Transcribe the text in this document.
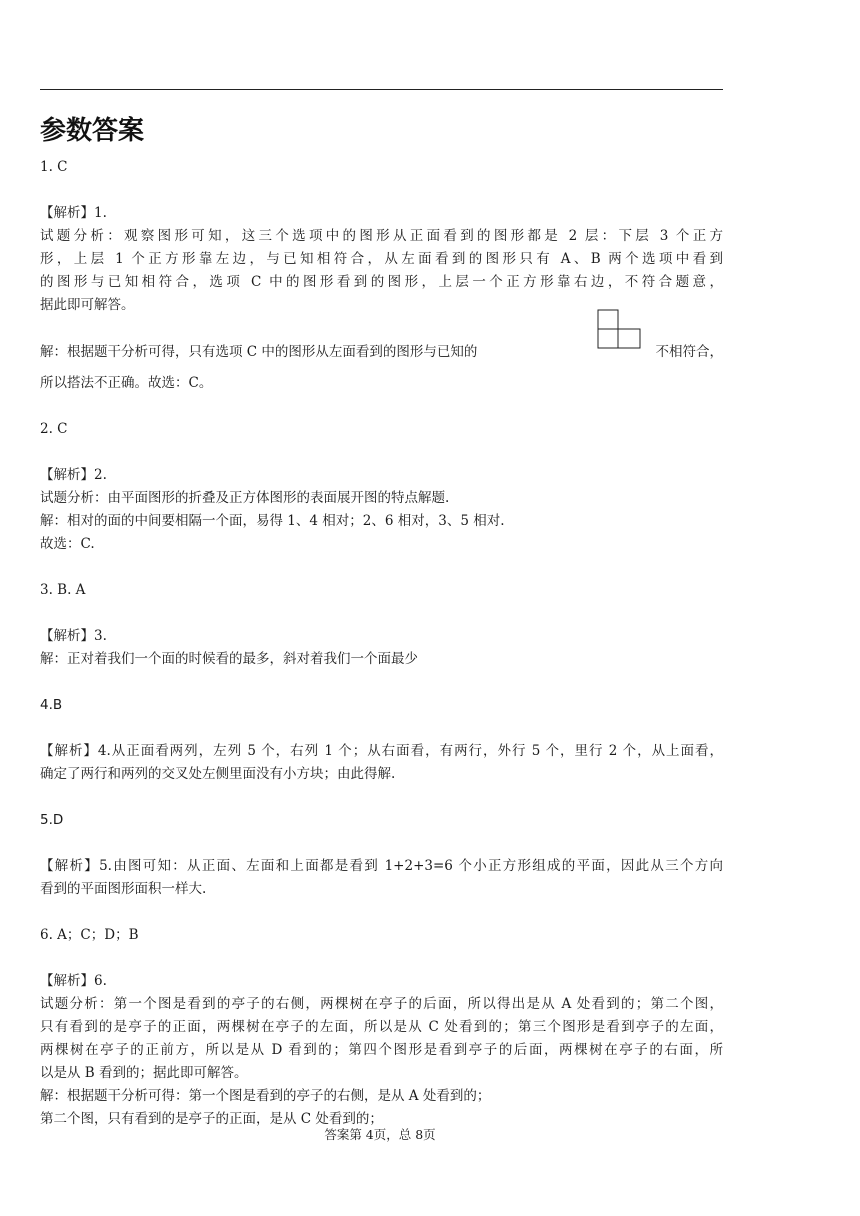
参数答案
1. C
【解析】1.
试题分析：观察图形可知，这三个选项中的图形从正面看到的图形都是 2 层：下层 3 个正方
形，上层 1 个正方形靠左边，与已知相符合，从左面看到的图形只有 A、B 两个选项中看到
的图形与已知相符合，选项 C 中的图形看到的图形，上层一个正方形靠右边，不符合题意，
据此即可解答。
解：根据题干分析可得，只有选项 C 中的图形从左面看到的图形与已知的	不相符合，
所以搭法不正确。故选：C。
2. C
【解析】2.
试题分析：由平面图形的折叠及正方体图形的表面展开图的特点解题.
解：相对的面的中间要相隔一个面，易得 1、4 相对；2、6 相对，3、5 相对.
故选：C.
3. B. A
【解析】3.
解：正对着我们一个面的时候看的最多，斜对着我们一个面最少
4.B
【解析】4.从正面看两列，左列 5 个，右列 1 个；从右面看，有两行，外行 5 个，里行 2 个，从上面看，
确定了两行和两列的交叉处左侧里面没有小方块；由此得解.
5.D
【解析】5.由图可知：从正面、左面和上面都是看到 1+2+3=6 个小正方形组成的平面，因此从三个方向
看到的平面图形面积一样大.
6. A；C；D；B
【解析】6.
试题分析：第一个图是看到的亭子的右侧，两棵树在亭子的后面，所以得出是从 A 处看到的；第二个图，
只有看到的是亭子的正面，两棵树在亭子的左面，所以是从 C 处看到的；第三个图形是看到亭子的左面，
两棵树在亭子的正前方，所以是从 D 看到的；第四个图形是看到亭子的后面，两棵树在亭子的右面，所
以是从 B 看到的；据此即可解答。
解：根据题干分析可得：第一个图是看到的亭子的右侧，是从 A 处看到的；
第二个图，只有看到的是亭子的正面，是从 C 处看到的；
答案第 4页，总 8页
